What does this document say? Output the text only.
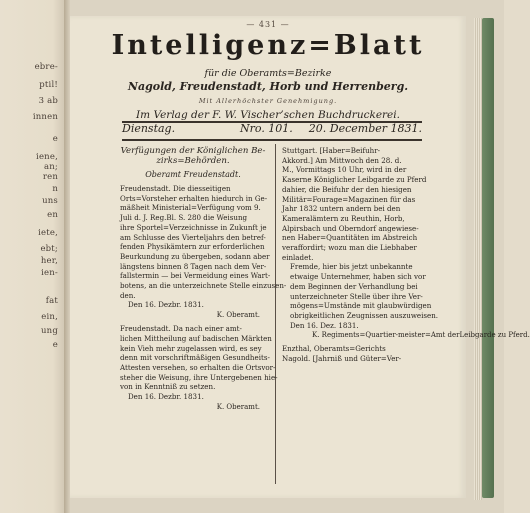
ebre-
ptil!
3 ab
innen
e
iene,
an;
ren
n
uns
en
iete,
ebt;
her,
ien-
fat
ein,
ung
e
— 431 —
Intelligenz=Blatt
für die Oberamts=Bezirke
Nagold, Freudenstadt, Horb und Herrenberg.
Mit Allerhöchster Genehmigung.
Im Verlag der F. W. Vischer’schen Buchdruckerei.
Dienstag.	Nro. 101. 20. December 1831.
Verfügungen der Königlichen Be-
zirks=Behörden.
Oberamt Freudenstadt.
Freudenstadt. Die diesseitigen
Orts=Vorsteher erhalten hiedurch in Ge-
mäßheit Ministerial=Verfügung vom 9.
Juli d. J. Reg.Bl. S. 280 die Weisung
ihre Sportel=Verzeichnisse in Zukunft je
am Schlusse des Vierteljahrs den betref-
fenden Physikämtern zur erforderlichen
Beurkundung zu übergeben, sodann aber
längstens binnen 8 Tagen nach dem Ver-
fallstermin — bei Vermeidung eines Wart-
botens, an die unterzeichnete Stelle einzusen-
den.
Den 16. Dezbr. 1831.
K. Oberamt.
Freudenstadt. Da nach einer amt-
lichen Mittheilung auf badischen Märkten
kein Vieh mehr zugelassen wird, es sey
denn mit vorschriftmäßigen Gesundheits-
Attesten versehen, so erhalten die Ortsvor-
steher die Weisung, ihre Untergebenen hie-
von in Kenntniß zu setzen.
Den 16. Dezbr. 1831.
K. Oberamt.
Stuttgart. [Haber=Beifuhr-
Akkord.] Am Mittwoch den 28. d.
M., Vormittags 10 Uhr, wird in der
Kaserne Königlicher Leibgarde zu Pferd
dahier, die Beifuhr der den hiesigen
Militär=Fourage=Magazinen für das
Jahr 1832 untern andern bei den
Kameralämtern zu Reuthin, Horb,
Alpirsbach und Oberndorf angewiese-
nen Haber=Quantitäten im Abstreich
veraffordirt; wozu man die Liebhaber
einladet.
Fremde, hier bis jetzt unbekannte
etwaige Unternehmer, haben sich vor
dem Beginnen der Verhandlung bei
unterzeichneter Stelle über ihre Ver-
mögens=Umstände mit glaubwürdigen
obrigkeitlichen Zeugnissen auszuweisen.
Den 16. Dez. 1831.
K. Regiments=Quartier-meister=Amt derLeibgarde zu Pferd.
Enzthal, Oberamts=Gerichts
Nagold. [Jahrniß und Güter=Ver-
